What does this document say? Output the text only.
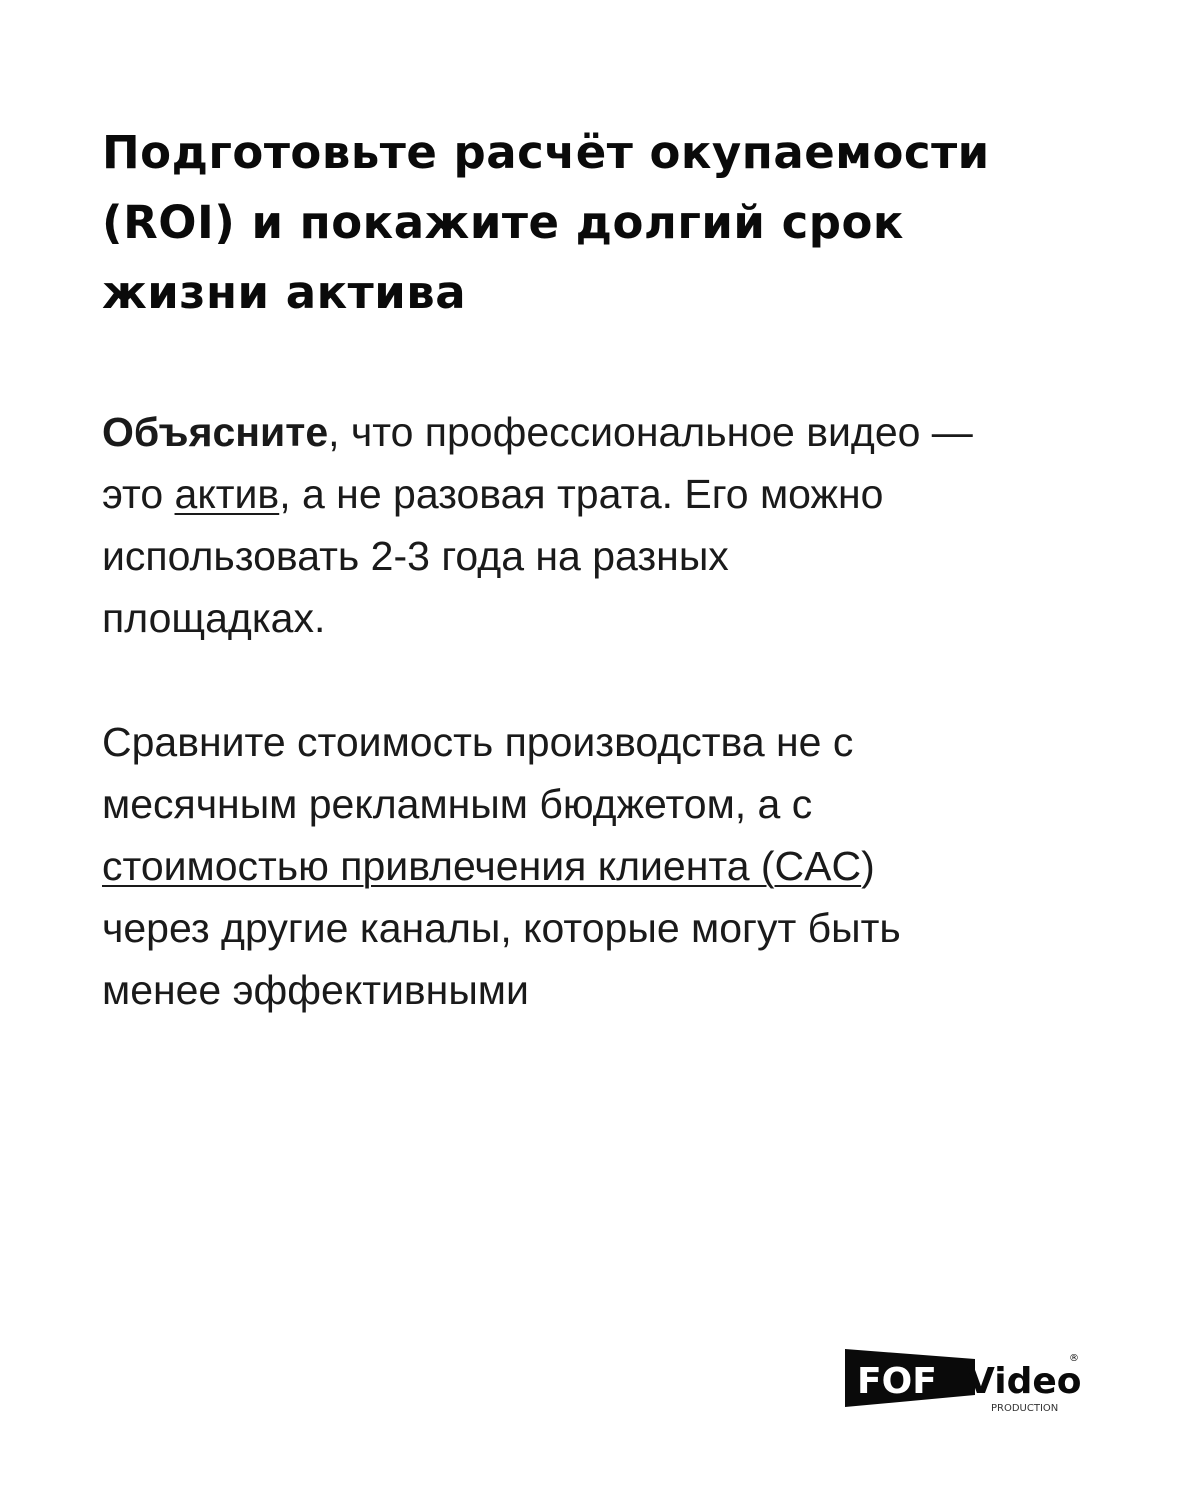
Подготовьте расчёт окупаемости
(ROI) и покажите долгий срок
жизни актива
Объясните, что профессиональное видео —
это актив, а не разовая трата. Его можно
использовать 2-3 года на разных
площадках.
Сравните стоимость производства не с
месячным рекламным бюджетом, а с
стоимостью привлечения клиента (CAC)
через другие каналы, которые могут быть
менее эффективными
FOF Video
®
PRODUCTION
